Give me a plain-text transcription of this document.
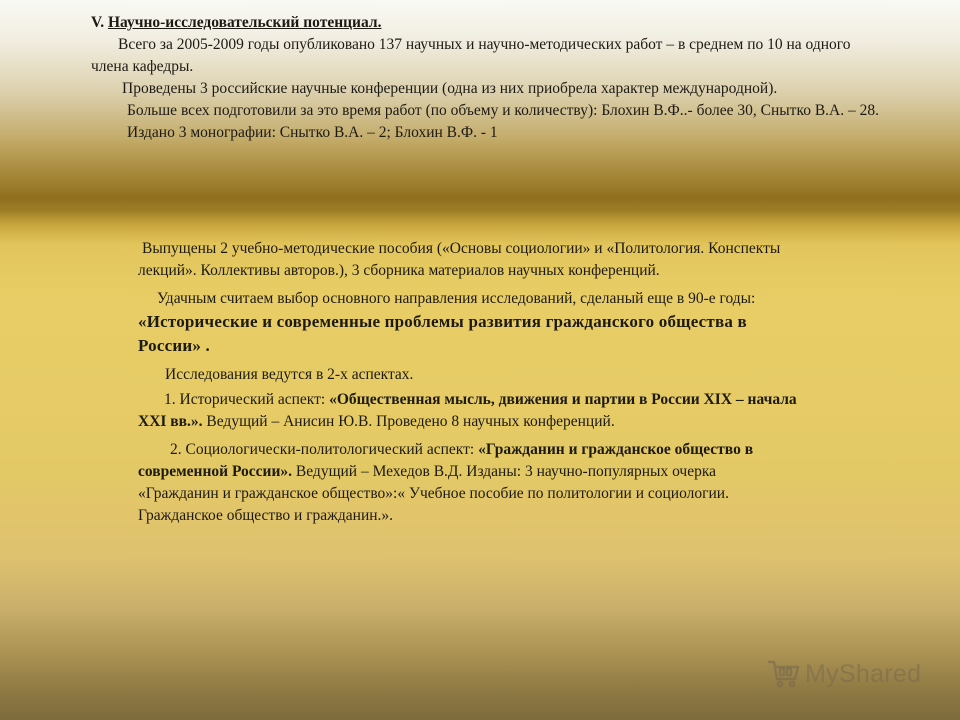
V. Научно-исследовательский потенциал.

Всего за 2005-2009 годы опубликовано 137 научных и научно-методических работ – в среднем по 10 на одного члена кафедры.

Проведены 3 российские научные конференции (одна из них приобрела характер международной).

Больше всех подготовили за это время работ (по объему и количеству): Блохин В.Ф..- более 30, Снытко В.А. – 28.

Издано 3 монографии: Снытко В.А. – 2; Блохин В.Ф. - 1

Выпущены 2 учебно-методические пособия («Основы социологии» и «Политология. Конспекты лекций». Коллективы авторов.), 3 сборника материалов научных конференций.

Удачным считаем выбор основного направления исследований, сделаный еще в 90-е годы: «Исторические и современные проблемы развития гражданского общества в России» .

Исследования ведутся в 2-х аспектах.

1. Исторический аспект: «Общественная мысль, движения и партии в России XIX – начала XXI вв.». Ведущий – Анисин Ю.В. Проведено 8 научных конференций.

2. Социологически-политологический аспект: «Гражданин и гражданское общество в современной России». Ведущий – Мехедов В.Д. Изданы: 3 научно-популярных очерка «Гражданин и гражданское общество»:« Учебное пособие по политологии и социологии. Гражданское общество и гражданин.».

MyShared
